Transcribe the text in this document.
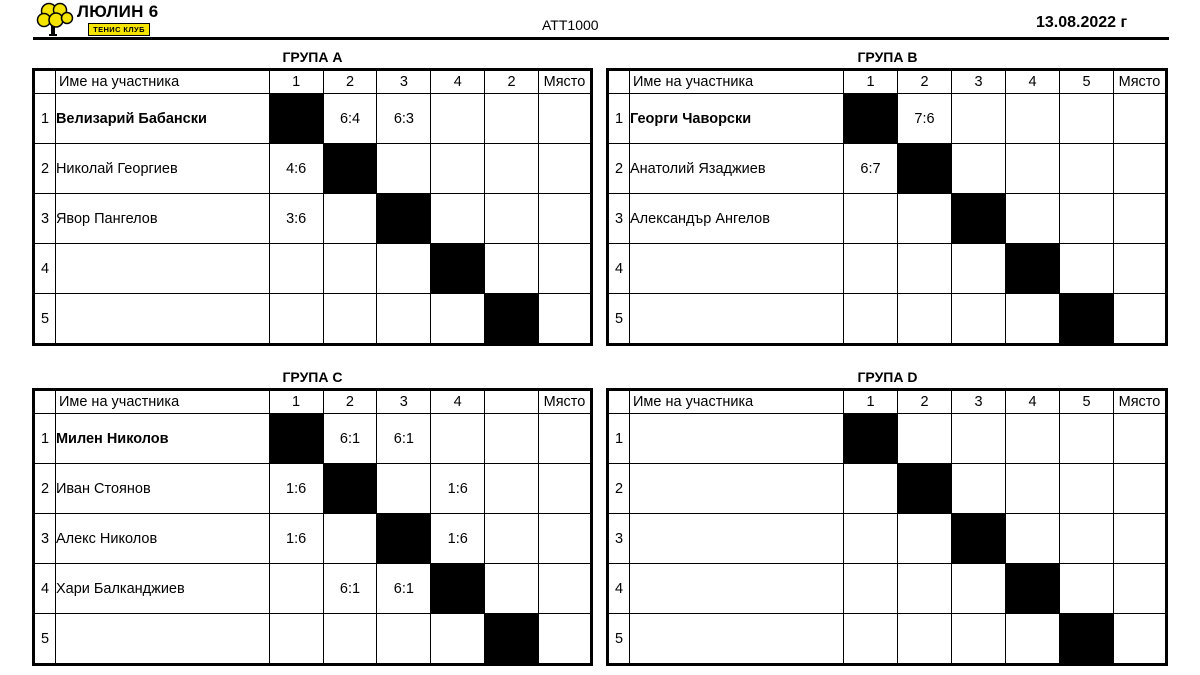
ЛЮЛИН 6
ТЕНИС КЛУБ	ATT1000	13.08.2022 г
ГРУПА А
	Име на участника	1	2	3	4	2	Място
1	Велизарий Бабански		6:4	6:3			
2	Николай Георгиев	4:6					
3	Явор Пангелов	3:6					
4							
5							
ГРУПА В
	Име на участника	1	2	3	4	5	Място
1	Георги Чаворски		7:6				
2	Анатолий Язаджиев	6:7					
3	Александър Ангелов						
4							
5							
ГРУПА С
	Име на участника	1	2	3	4		Място
1	Милен Николов		6:1	6:1			
2	Иван Стоянов	1:6			1:6		
3	Алекс Николов	1:6			1:6		
4	Хари Балканджиев		6:1	6:1			
5							
ГРУПА D
	Име на участника	1	2	3	4	5	Място
1							
2							
3							
4							
5							
